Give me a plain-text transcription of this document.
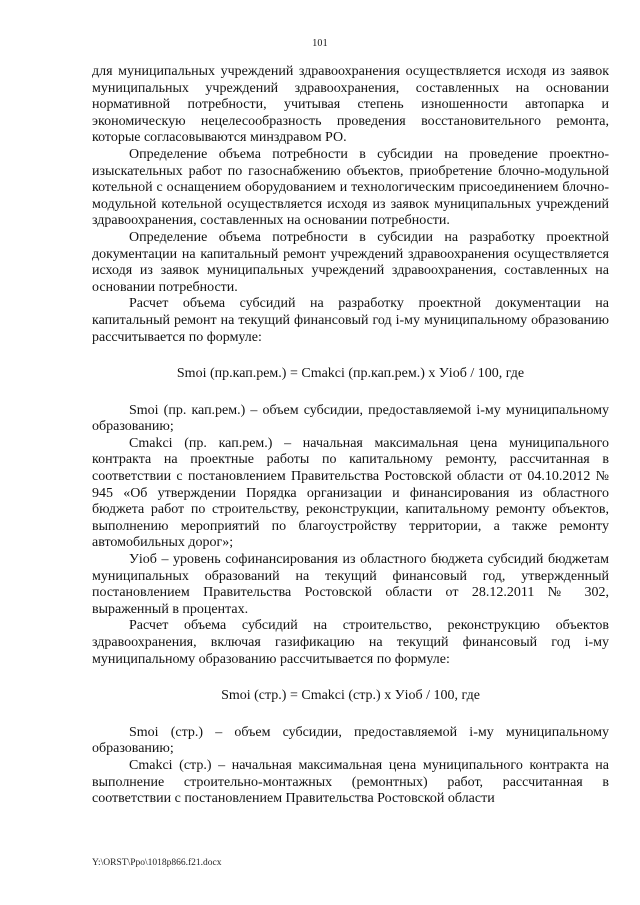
101

для муниципальных учреждений здравоохранения осуществляется исходя из заявок муниципальных учреждений здравоохранения, составленных на основании нормативной потребности, учитывая степень изношенности автопарка и экономическую нецелесообразность проведения восстановительного ремонта, которые согласовываются минздравом РО.

Определение объема потребности в субсидии на проведение проектно-изыскательных работ по газоснабжению объектов, приобретение блочно-модульной котельной с оснащением оборудованием и технологическим присоединением блочно-модульной котельной осуществляется исходя из заявок муниципальных учреждений здравоохранения, составленных на основании потребности.

Определение объема потребности в субсидии на разработку проектной документации на капитальный ремонт учреждений здравоохранения осуществляется исходя из заявок муниципальных учреждений здравоохранения, составленных на основании потребности.

Расчет объема субсидий на разработку проектной документации на капитальный ремонт на текущий финансовый год i-му муниципальному образованию рассчитывается по формуле:

Smoi (пр.кап.рем.) = Cmakci (пр.кап.рем.) х Уioб / 100, где

Smoi (пр. кап.рем.) – объем субсидии, предоставляемой i-му муниципальному образованию;

Cmakci (пр. кап.рем.) – начальная максимальная цена муниципального контракта на проектные работы по капитальному ремонту, рассчитанная в соответствии с постановлением Правительства Ростовской области от 04.10.2012 № 945 «Об утверждении Порядка организации и финансирования из областного бюджета работ по строительству, реконструкции, капитальному ремонту объектов, выполнению мероприятий по благоустройству территории, а также ремонту автомобильных дорог»;

Уioб – уровень софинансирования из областного бюджета субсидий бюджетам муниципальных образований на текущий финансовый год, утвержденный постановлением Правительства Ростовской области от 28.12.2011 № 302, выраженный в процентах.

Расчет объема субсидий на строительство, реконструкцию объектов здравоохранения, включая газификацию на текущий финансовый год i-му муниципальному образованию рассчитывается по формуле:

Smoi (стр.) = Cmakci (стр.) х Уioб / 100, где

Smoi (стр.) – объем субсидии, предоставляемой i-му муниципальному образованию;

Cmakci (стр.) – начальная максимальная цена муниципального контракта на выполнение строительно-монтажных (ремонтных) работ, рассчитанная в соответствии с постановлением Правительства Ростовской области

Y:\ORST\Ppo\1018p866.f21.docx
